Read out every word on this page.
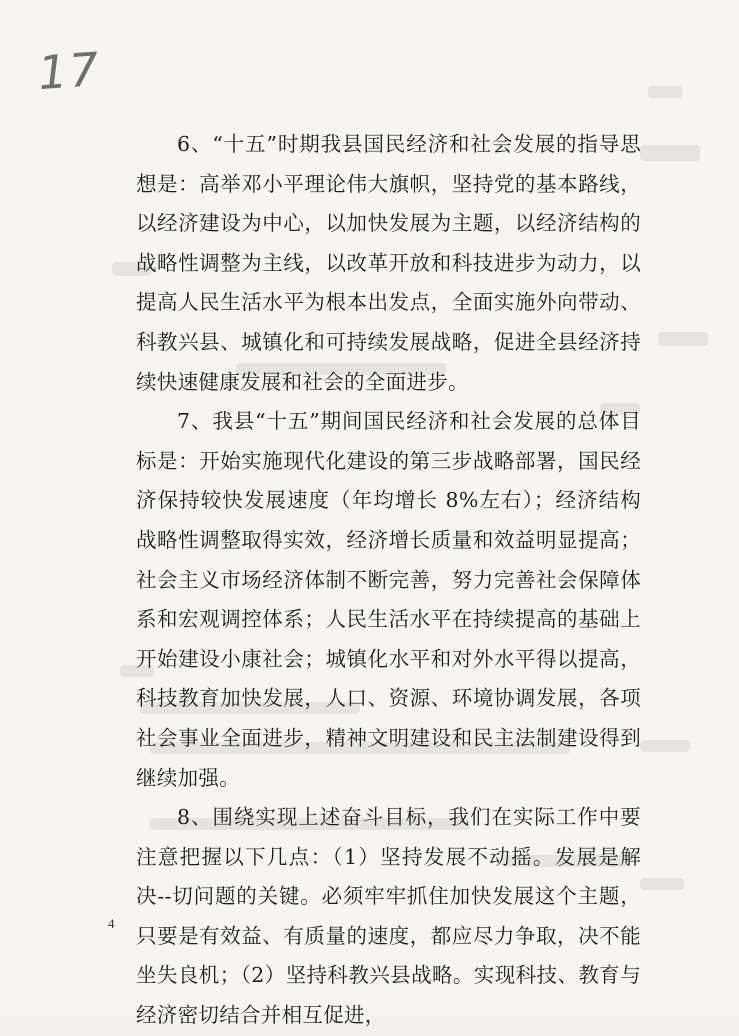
17

6、“十五”时期我县国民经济和社会发展的指导思想是：高举邓小平理论伟大旗帜，坚持党的基本路线，以经济建设为中心，以加快发展为主题，以经济结构的战略性调整为主线，以改革开放和科技进步为动力，以提高人民生活水平为根本出发点，全面实施外向带动、科教兴县、城镇化和可持续发展战略，促进全县经济持续快速健康发展和社会的全面进步。

7、我县“十五”期间国民经济和社会发展的总体目标是：开始实施现代化建设的第三步战略部署，国民经济保持较快发展速度（年均增长 8%左右）；经济结构战略性调整取得实效，经济增长质量和效益明显提高；社会主义市场经济体制不断完善，努力完善社会保障体系和宏观调控体系；人民生活水平在持续提高的基础上开始建设小康社会；城镇化水平和对外水平得以提高，科技教育加快发展，人口、资源、环境协调发展，各项社会事业全面进步，精神文明建设和民主法制建设得到继续加强。

8、围绕实现上述奋斗目标，我们在实际工作中要注意把握以下几点：（1）坚持发展不动摇。发展是解决--切问题的关键。必须牢牢抓住加快发展这个主题，只要是有效益、有质量的速度，都应尽力争取，决不能坐失良机；（2）坚持科教兴县战略。实现科技、教育与经济密切结合并相互促进，

4
